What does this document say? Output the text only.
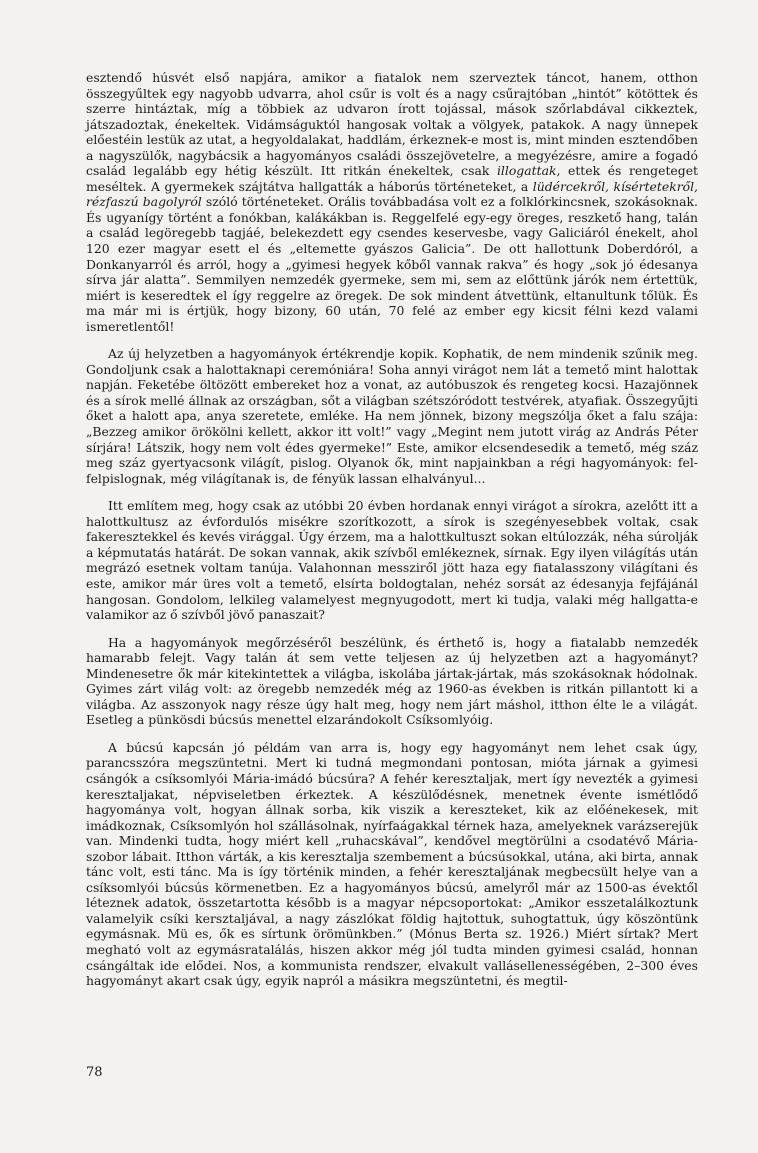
esztendő húsvét első napjára, amikor a fiatalok nem szerveztek táncot, hanem, otthon összegyűltek egy nagyobb udvarra, ahol csűr is volt és a nagy csűrajtóban „hintót” kötöttek és szerre hintáztak, míg a többiek az udvaron írott tojással, mások szőrlabdával cikkeztek, játszadoztak, énekeltek. Vidámságuktól hangosak voltak a völgyek, patakok. A nagy ünnepek előestéin lestük az utat, a hegyoldalakat, haddlám, érkeznek-e most is, mint minden esztendőben a nagyszülők, nagybácsik a hagyományos családi összejövetelre, a megyézésre, amire a fogadó család legalább egy hétig készült. Itt ritkán énekeltek, csak illogattak, ettek és rengeteget meséltek. A gyermekek szájtátva hallgatták a háborús történeteket, a lüdércekről, kísértetekről, rézfaszú bagolyról szóló történeteket. Orális továbbadása volt ez a folklórkincsnek, szokásoknak. És ugyanígy történt a fonókban, kalákákban is. Reggelfelé egy-egy öreges, reszkető hang, talán a család legöregebb tagjáé, belekezdett egy csendes keservesbe, vagy Galiciáról énekelt, ahol 120 ezer magyar esett el és „eltemette gyászos Galicia”. De ott hallottunk Doberdóról, a Donkanyarról és arról, hogy a „gyimesi hegyek kőből vannak rakva” és hogy „sok jó édesanya sírva jár alatta”. Semmilyen nemzedék gyermeke, sem mi, sem az előttünk járók nem értettük, miért is keseredtek el így reggelre az öregek. De sok mindent átvettünk, eltanultunk tőlük. És ma már mi is értjük, hogy bizony, 60 után, 70 felé az ember egy kicsit félni kezd valami ismeretlentől!

Az új helyzetben a hagyományok értékrendje kopik. Kophatik, de nem mindenik szűnik meg. Gondoljunk csak a halottaknapi ceremóniára! Soha annyi virágot nem lát a temető mint halottak napján. Feketébe öltözött embereket hoz a vonat, az autóbuszok és rengeteg kocsi. Hazajönnek és a sírok mellé állnak az országban, sőt a világban szétszóródott testvérek, atyafiak. Összegyűjti őket a halott apa, anya szeretete, emléke. Ha nem jönnek, bizony megszólja őket a falu szája: „Bezzeg amikor örökölni kellett, akkor itt volt!” vagy „Megint nem jutott virág az András Péter sírjára! Látszik, hogy nem volt édes gyermeke!” Este, amikor elcsendesedik a temető, még száz meg száz gyertyacsonk világít, pislog. Olyanok ők, mint napjainkban a régi hagyományok: fel-felpislognak, még világítanak is, de fényük lassan elhalványul...

Itt említem meg, hogy csak az utóbbi 20 évben hordanak ennyi virágot a sírokra, azelőtt itt a halottkultusz az évfordulós misékre szorítkozott, a sírok is szegényesebbek voltak, csak fakeresztekkel és kevés virággal. Úgy érzem, ma a halottkultuszt sokan eltúlozzák, néha súrolják a képmutatás határát. De sokan vannak, akik szívből emlékeznek, sírnak. Egy ilyen világítás után megrázó esetnek voltam tanúja. Valahonnan messziről jött haza egy fiatalasszony világítani és este, amikor már üres volt a temető, elsírta boldogtalan, nehéz sorsát az édesanyja fejfájánál hangosan. Gondolom, lelkileg valamelyest megnyugodott, mert ki tudja, valaki még hallgatta-e valamikor az ő szívből jövő panaszait?

Ha a hagyományok megőrzéséről beszélünk, és érthető is, hogy a fiatalabb nemzedék hamarabb felejt. Vagy talán át sem vette teljesen az új helyzetben azt a hagyományt? Mindenesetre ők már kitekintettek a világba, iskolába jártak-jártak, más szokásoknak hódolnak. Gyimes zárt világ volt: az öregebb nemzedék még az 1960-as években is ritkán pillantott ki a világba. Az asszonyok nagy része úgy halt meg, hogy nem járt máshol, itthon élte le a világát. Esetleg a pünkösdi búcsús menettel elzarándokolt Csíksomlyóig.

A búcsú kapcsán jó példám van arra is, hogy egy hagyományt nem lehet csak úgy, parancsszóra megszüntetni. Mert ki tudná megmondani pontosan, mióta járnak a gyimesi csángók a csíksomlyói Mária-imádó búcsúra? A fehér keresztaljak, mert így nevezték a gyimesi keresztaljakat, népviseletben érkeztek. A készülődésnek, menetnek éventе ismétlődő hagyománya volt, hogyan állnak sorba, kik viszik a kereszteket, kik az előénekesek, mit imádkoznak, Csíksomlyón hol szállásolnak, nyírfaágakkal térnek haza, amelyeknek varázserejük van. Mindenki tudta, hogy miért kell „ruhacskával”, kendővel megtörülni a csodatévő Mária-szobor lábait. Itthon várták, a kis keresztalja szembement a búcsúsokkal, utána, aki birta, annak tánc volt, esti tánc. Ma is így történik minden, a fehér keresztaljának megbecsült helye van a csíksomlyói búcsús körmenetben. Ez a hagyományos búcsú, amelyről már az 1500-as évektől léteznek adatok, összetartotta később is a magyar népcsoportokat: „Amikor esszetalálkoztunk valamelyik csíki kersztaljával, a nagy zászlókat földig hajtottuk, suhogtattuk, úgy köszöntünk egymásnak. Mü es, ők es sírtunk örömünkben.” (Mónus Berta sz. 1926.) Miért sírtak? Mert megható volt az egymásratalálás, hiszen akkor még jól tudta minden gyimesi család, honnan csángáltak ide elődei. Nos, a kommunista rendszer, elvakult vallásellenességében, 2–300 éves hagyományt akart csak úgy, egyik napról a másikra megszüntetni, és megtil-

78
